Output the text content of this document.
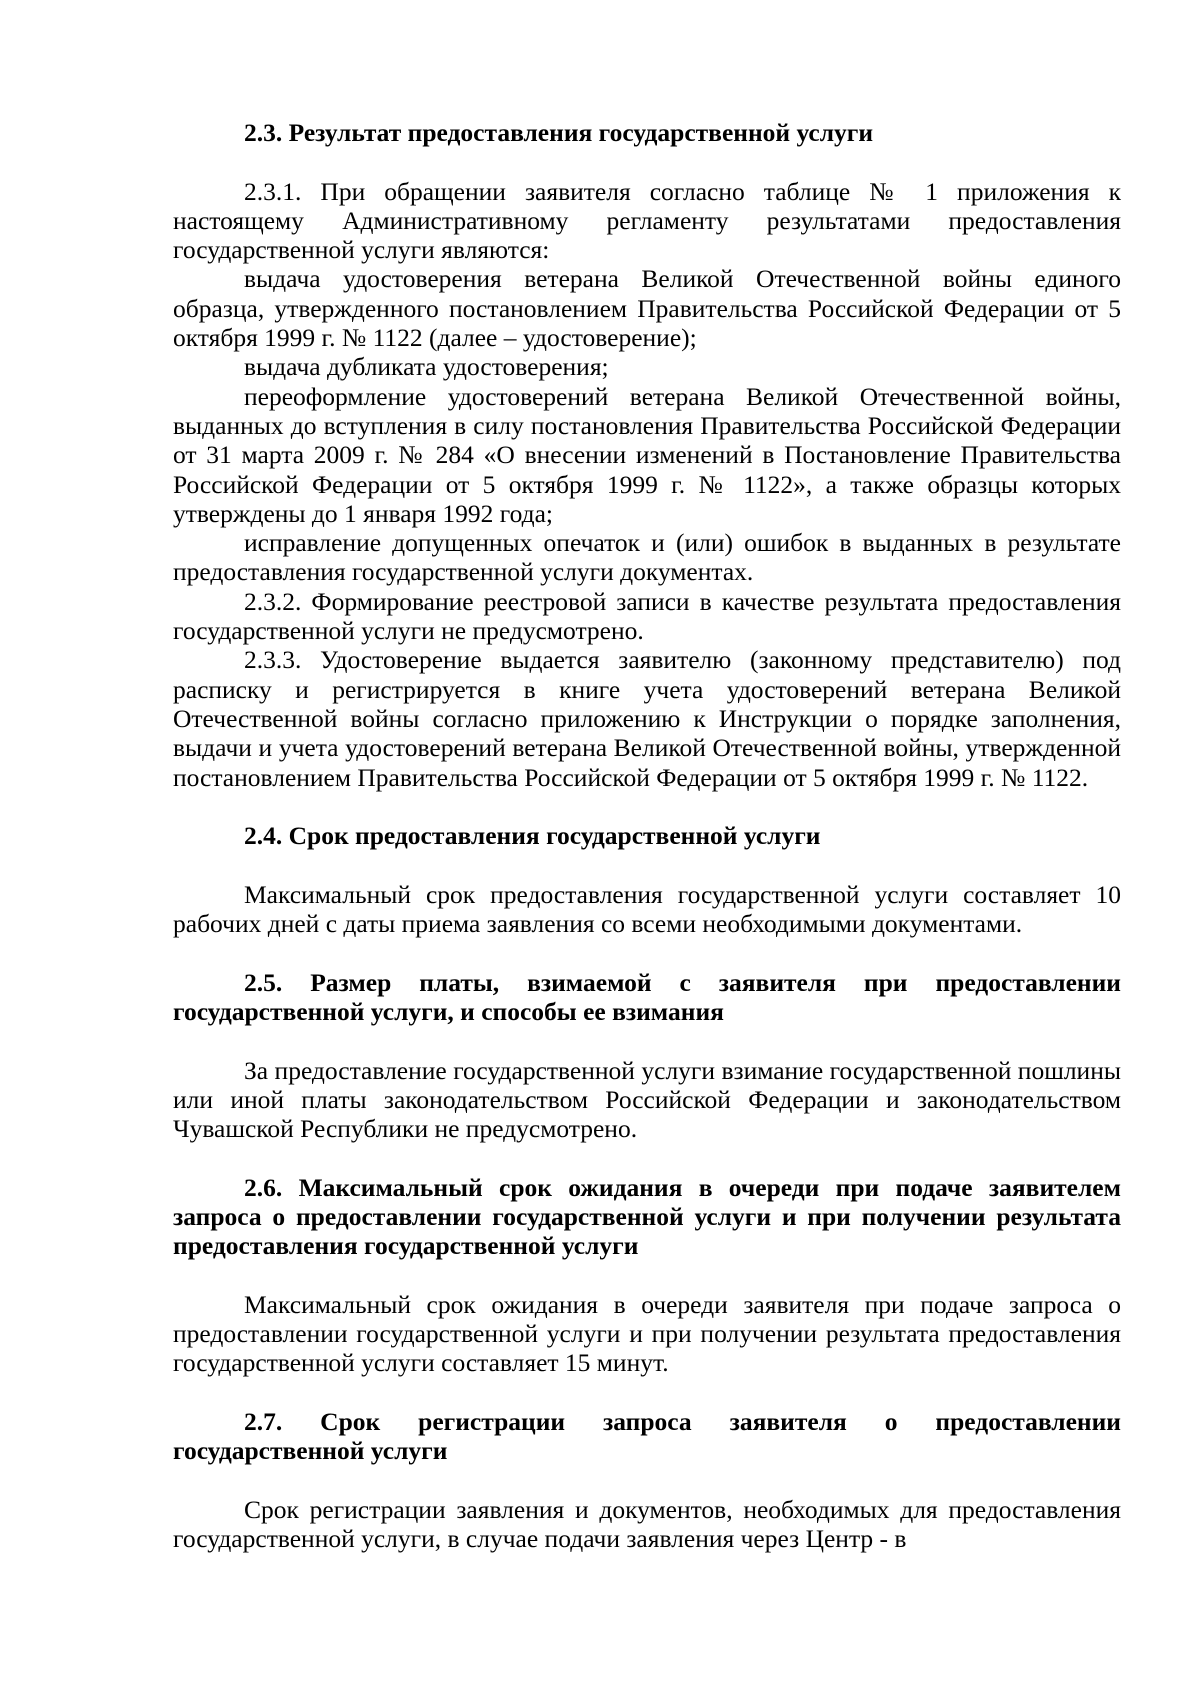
2.3. Результат предоставления государственной услуги

2.3.1. При обращении заявителя согласно таблице № 1 приложения к настоящему Административному регламенту результатами предоставления государственной услуги являются:

выдача удостоверения ветерана Великой Отечественной войны единого образца, утвержденного постановлением Правительства Российской Федерации от 5 октября 1999 г. № 1122 (далее – удостоверение);

выдача дубликата удостоверения;

переоформление удостоверений ветерана Великой Отечественной войны, выданных до вступления в силу постановления Правительства Российской Федерации от 31 марта 2009 г. № 284 «О внесении изменений в Постановление Правительства Российской Федерации от 5 октября 1999 г. № 1122», а также образцы которых утверждены до 1 января 1992 года;

исправление допущенных опечаток и (или) ошибок в выданных в результате предоставления государственной услуги документах.

2.3.2. Формирование реестровой записи в качестве результата предоставления государственной услуги не предусмотрено.

2.3.3. Удостоверение выдается заявителю (законному представителю) под расписку и регистрируется в книге учета удостоверений ветерана Великой Отечественной войны согласно приложению к Инструкции о порядке заполнения, выдачи и учета удостоверений ветерана Великой Отечественной войны, утвержденной постановлением Правительства Российской Федерации от 5 октября 1999 г. № 1122.

2.4. Срок предоставления государственной услуги

Максимальный срок предоставления государственной услуги составляет 10 рабочих дней с даты приема заявления со всеми необходимыми документами.

2.5. Размер платы, взимаемой с заявителя при предоставлении государственной услуги, и способы ее взимания

За предоставление государственной услуги взимание государственной пошлины или иной платы законодательством Российской Федерации и законодательством Чувашской Республики не предусмотрено.

2.6. Максимальный срок ожидания в очереди при подаче заявителем запроса о предоставлении государственной услуги и при получении результата предоставления государственной услуги

Максимальный срок ожидания в очереди заявителя при подаче запроса о предоставлении государственной услуги и при получении результата предоставления государственной услуги составляет 15 минут.

2.7. Срок регистрации запроса заявителя о предоставлении государственной услуги

Срок регистрации заявления и документов, необходимых для предоставления государственной услуги, в случае подачи заявления через Центр - в
